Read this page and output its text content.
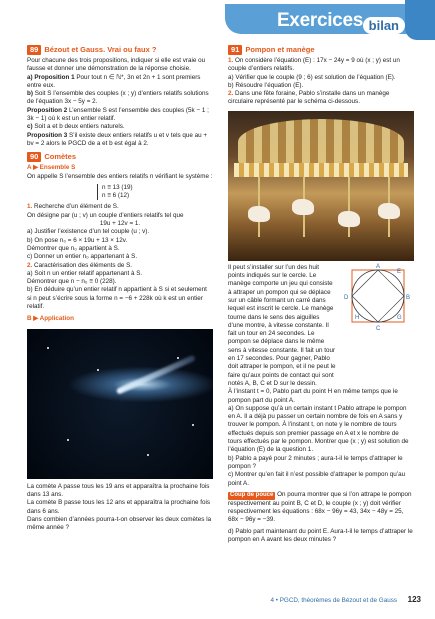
Exercices bilan
89 Bézout et Gauss. Vrai ou faux ?

Pour chacune des trois propositions, indiquer si elle est vraie ou fausse et donner une démonstration de la réponse choisie.

a) Proposition 1 Pour tout n ∈ ℕ*, 3n et 2n + 1 sont premiers entre eux.

b) Soit S l’ensemble des couples (x ; y) d’entiers relatifs solutions de l’équation 3x − 5y = 2.

Proposition 2 L’ensemble S est l’ensemble des couples (5k − 1 ; 3k − 1) où k est un entier relatif.

c) Soit a et b deux entiers naturels.

Proposition 3 S’il existe deux entiers relatifs u et v tels que au + bv = 2 alors le PGCD de a et b est égal à 2.

90 Comètes

A ▶ Ensemble S

On appelle S l’ensemble des entiers relatifs n vérifiant le système :

n ≡ 13 (19)

n ≡ 6 (12)

1. Recherche d’un élément de S.

On désigne par (u ; v) un couple d’entiers relatifs tel que

19u + 12v = 1.

a) Justifier l’existence d’un tel couple (u ; v).

b) On pose n₀ = 6 × 19u + 13 × 12v.

Démontrer que n₀ appartient à S.

c) Donner un entier n₀ appartenant à S.

2. Caractérisation des éléments de S.

a) Soit n un entier relatif appartenant à S.

Démontrer que n − n₀ ≡ 0 (228).

b) En déduire qu’un entier relatif n appartient à S si et seulement si n peut s’écrire sous la forme n = −6 + 228k où k est un entier relatif.

B ▶ Application

La comète A passe tous les 19 ans et apparaîtra la prochaine fois dans 13 ans.

La comète B passe tous les 12 ans et apparaîtra la prochaine fois dans 6 ans.

Dans combien d’années pourra-t-on observer les deux comètes la même année ?

91 Pompon et manège

1. On considère l’équation (E) : 17x − 24y = 9 où (x ; y) est un couple d’entiers relatifs.

a) Vérifier que le couple (9 ; 6) est solution de l’équation (E).

b) Résoudre l’équation (E).

2. Dans une fête foraine, Pablo s’installe dans un manège circulaire représenté par le schéma ci-dessous.

Il peut s’installer sur l’un des huit points indiqués sur le cercle. Le manège comporte un jeu qui consiste à attraper un pompon qui se déplace sur un câble formant un carré dans lequel est inscrit le cercle. Le manège tourne dans le sens des aiguilles d’une montre, à vitesse constante. Il fait un tour en 24 secondes. Le pompon se déplace dans le même sens à vitesse constante. Il fait un tour en 17 secondes. Pour gagner, Pablo doit attraper le pompon, et il ne peut le faire qu’aux points de contact qui sont notés A, B, C et D sur le dessin.

À l’instant t = 0, Pablo part du point H en même temps que le pompon part du point A.

a) On suppose qu’à un certain instant t Pablo attrape le pompon en A. Il a déjà pu passer un certain nombre de fois en A sans y trouver le pompon. À l’instant t, on note y le nombre de tours effectués depuis son premier passage en A et x le nombre de tours effectués par le pompon. Montrer que (x ; y) est solution de l’équation (E) de la question 1.

b) Pablo a payé pour 2 minutes ; aura-t-il le temps d’attraper le pompon ?

c) Montrer qu’en fait il n’est possible d’attraper le pompon qu’au point A.

Coup de pouce On pourra montrer que si l’on attrape le pompon respectivement au point B, C et D, le couple (x ; y) doit vérifier respectivement les équations : 68x − 96y = 43, 34x − 48y = 25, 68x − 96y = −39.

d) Pablo part maintenant du point E. Aura-t-il le temps d’attraper le pompon en A avant les deux minutes ?

A
E
B
G
C
H
D
4 • PGCD, théorèmes de Bézout et de Gauss 123
